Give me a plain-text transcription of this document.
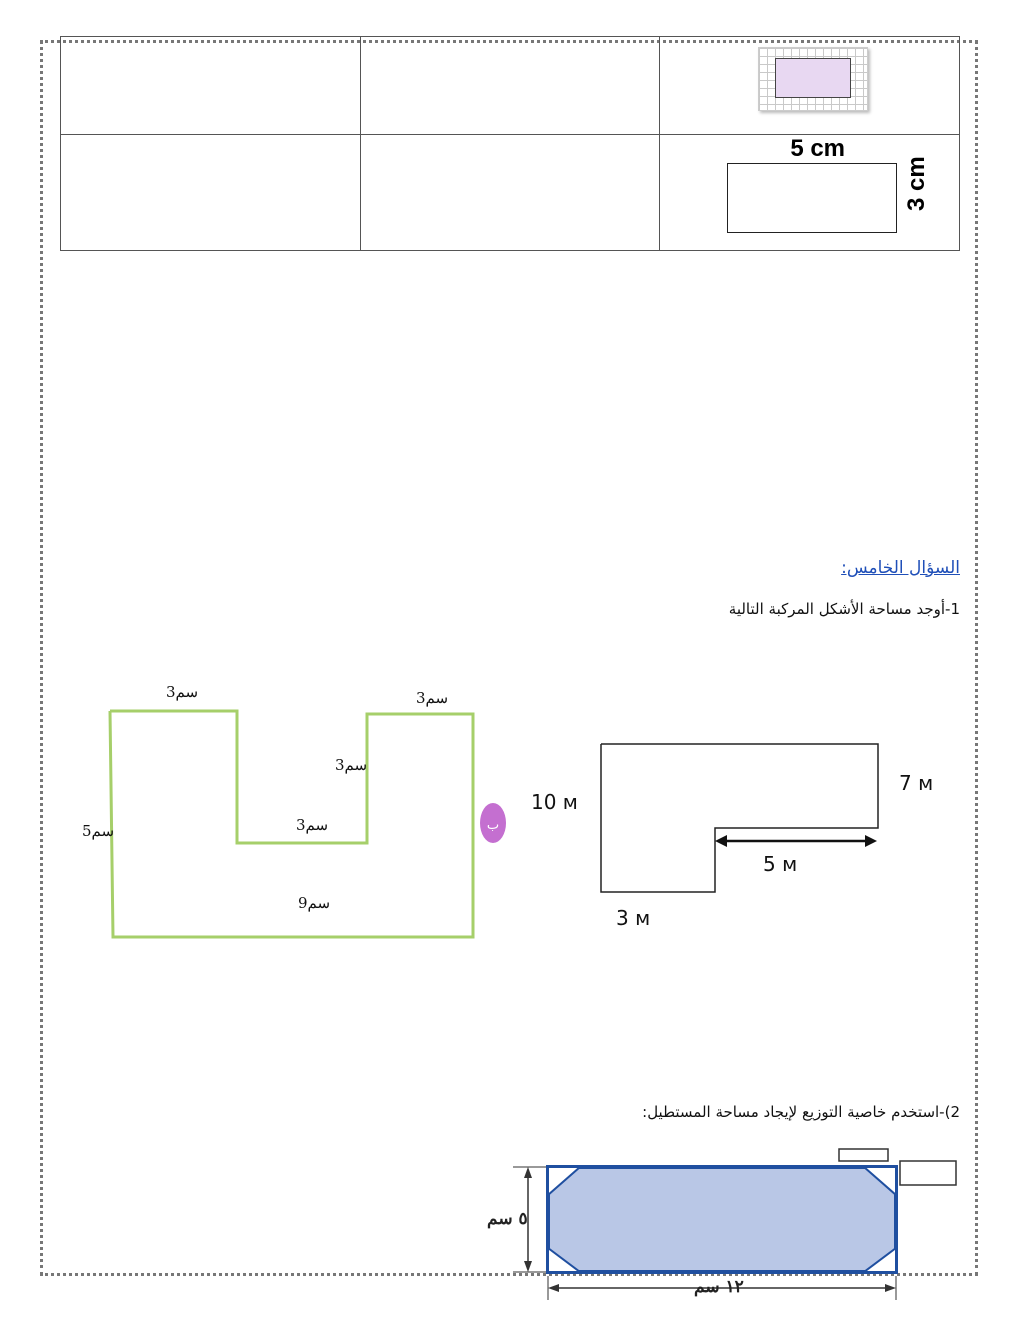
		5 cm
3 cm
السؤال الخامس:
1-أوجد مساحة الأشكل المركبة التالية
3سم	3سم
3سم
3سم
5سم
9سم
ب
10 м
7 м
5 м
3 м
٥ سم
١٢ سم
2)-استخدم خاصية التوزيع لإيجاد مساحة المستطيل:
